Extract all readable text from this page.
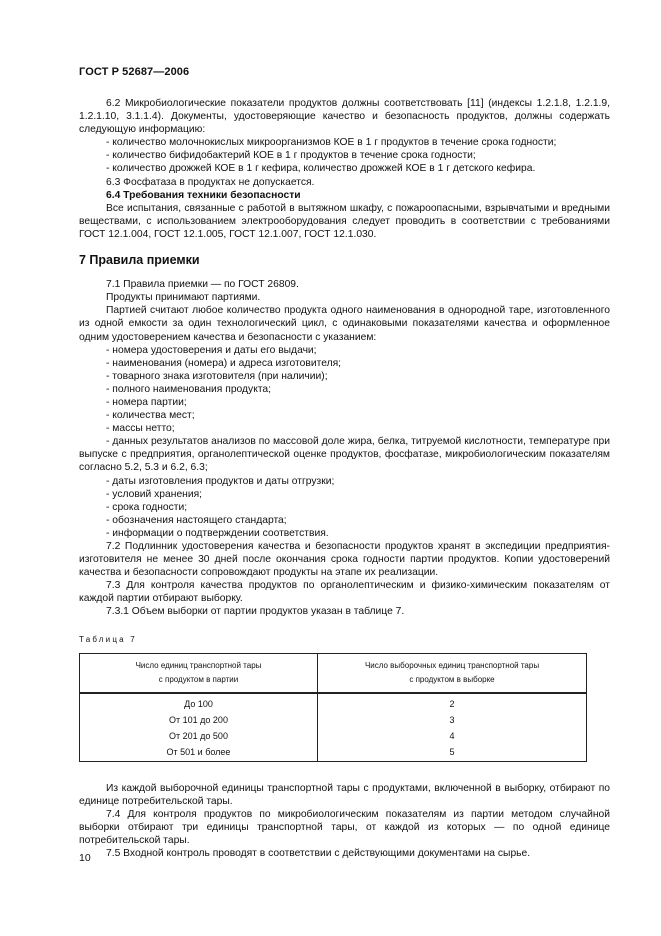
ГОСТ Р 52687—2006

6.2 Микробиологические показатели продуктов должны соответствовать [11] (индексы 1.2.1.8, 1.2.1.9, 1.2.1.10, 3.1.1.4). Документы, удостоверяющие качество и безопасность продуктов, должны содержать следующую информацию:

- количество молочнокислых микроорганизмов КОЕ в 1 г продуктов в течение срока годности;

- количество бифидобактерий КОЕ в 1 г продуктов в течение срока годности;

- количество дрожжей КОЕ в 1 г кефира, количество дрожжей КОЕ в 1 г детского кефира.

6.3 Фосфатаза в продуктах не допускается.

6.4 Требования техники безопасности

Все испытания, связанные с работой в вытяжном шкафу, с пожароопасными, взрывчатыми и вредными веществами, с использованием электрооборудования следует проводить в соответствии с требованиями ГОСТ 12.1.004, ГОСТ 12.1.005, ГОСТ 12.1.007, ГОСТ 12.1.030.

7 Правила приемки

7.1 Правила приемки — по ГОСТ 26809.

Продукты принимают партиями.

Партией считают любое количество продукта одного наименования в однородной таре, изготовленного из одной емкости за один технологический цикл, с одинаковыми показателями качества и оформленное одним удостоверением качества и безопасности с указанием:

- номера удостоверения и даты его выдачи;

- наименования (номера) и адреса изготовителя;

- товарного знака изготовителя (при наличии);

- полного наименования продукта;

- номера партии;

- количества мест;

- массы нетто;

- данных результатов анализов по массовой доле жира, белка, титруемой кислотности, температуре при выпуске с предприятия, органолептической оценке продуктов, фосфатазе, микробиологическим показателям согласно 5.2, 5.3 и 6.2, 6.3;

- даты изготовления продуктов и даты отгрузки;

- условий хранения;

- срока годности;

- обозначения настоящего стандарта;

- информации о подтверждении соответствия.

7.2 Подлинник удостоверения качества и безопасности продуктов хранят в экспедиции предприятия-изготовителя не менее 30 дней после окончания срока годности партии продуктов. Копии удостоверений качества и безопасности сопровождают продукты на этапе их реализации.

7.3 Для контроля качества продуктов по органолептическим и физико-химическим показателям от каждой партии отбирают выборку.

7.3.1 Объем выборки от партии продуктов указан в таблице 7.

Таблица 7
Число единиц транспортной тары
с продуктом в партии	Число выборочных единиц транспортной тары
с продуктом в выборке
До 100	2
От 101 до 200	3
От 201 до 500	4
От 501 и более	5

Из каждой выборочной единицы транспортной тары с продуктами, включенной в выборку, отбирают по единице потребительской тары.

7.4 Для контроля продуктов по микробиологическим показателям из партии методом случайной выборки отбирают три единицы транспортной тары, от каждой из которых — по одной единице потребительской тары.

7.5 Входной контроль проводят в соответствии с действующими документами на сырье.

10
